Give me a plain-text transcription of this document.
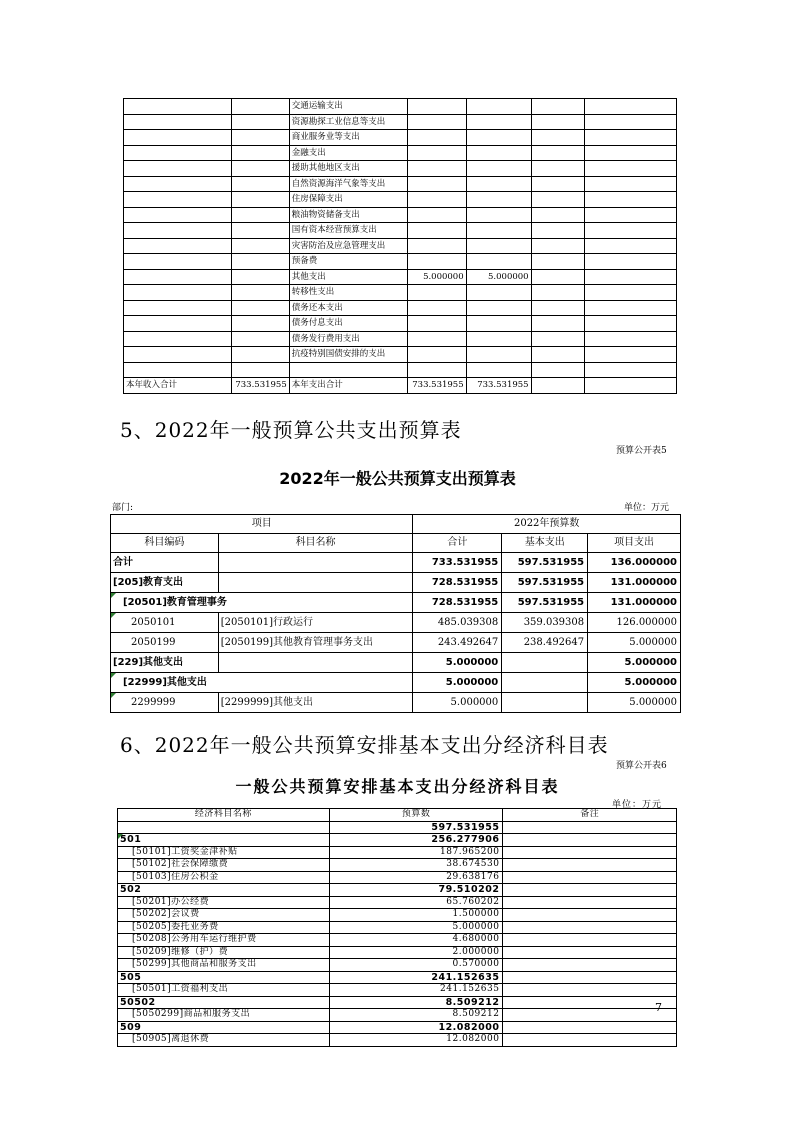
		交通运输支出				
		资源勘探工业信息等支出				
		商业服务业等支出				
		金融支出				
		援助其他地区支出				
		自然资源海洋气象等支出				
		住房保障支出				
		粮油物资储备支出				
		国有资本经营预算支出				
		灾害防治及应急管理支出				
		预备费				
		其他支出	5.000000	5.000000		
		转移性支出				
		债务还本支出				
		债务付息支出				
		债务发行费用支出				
		抗疫特别国债安排的支出				

本年收入合计	733.531955	本年支出合计	733.531955	733.531955		
5、2022年一般预算公共支出预算表
预算公开表5
2022年一般公共预算支出预算表
部门:	单位：万元
项目		2022年预算数		
科目编码	科目名称	合计	基本支出	项目支出
合计		733.531955	597.531955	136.000000
[205]教育支出		728.531955	597.531955	131.000000

[20501]教育管理事务		728.531955	597.531955	131.000000

2050101	[2050101]行政运行	485.039308	359.039308	126.000000
2050199	[2050199]其他教育管理事务支出	243.492647	238.492647	5.000000
[229]其他支出		5.000000		5.000000

[22999]其他支出		5.000000		5.000000

2299999	[2299999]其他支出	5.000000		5.000000
6、2022年一般公共预算安排基本支出分经济科目表
预算公开表6
一般公共预算安排基本支出分经济科目表
单位：万元
经济科目名称	预算数	备注
	597.531955	

501	256.277906	
[50101]工资奖金津补贴	187.965200	
[50102]社会保障缴费	38.674530	
[50103]住房公积金	29.638176	
502	79.510202	
[50201]办公经费	65.760202	
[50202]会议费	1.500000	
[50205]委托业务费	5.000000	
[50208]公务用车运行维护费	4.680000	
[50209]维修（护）费	2.000000	
[50299]其他商品和服务支出	0.570000	
505	241.152635	
[50501]工资福利支出	241.152635	
50502	8.509212	
[5050299]商品和服务支出	8.509212	
509	12.082000	
[50905]离退休费	12.082000	
7
